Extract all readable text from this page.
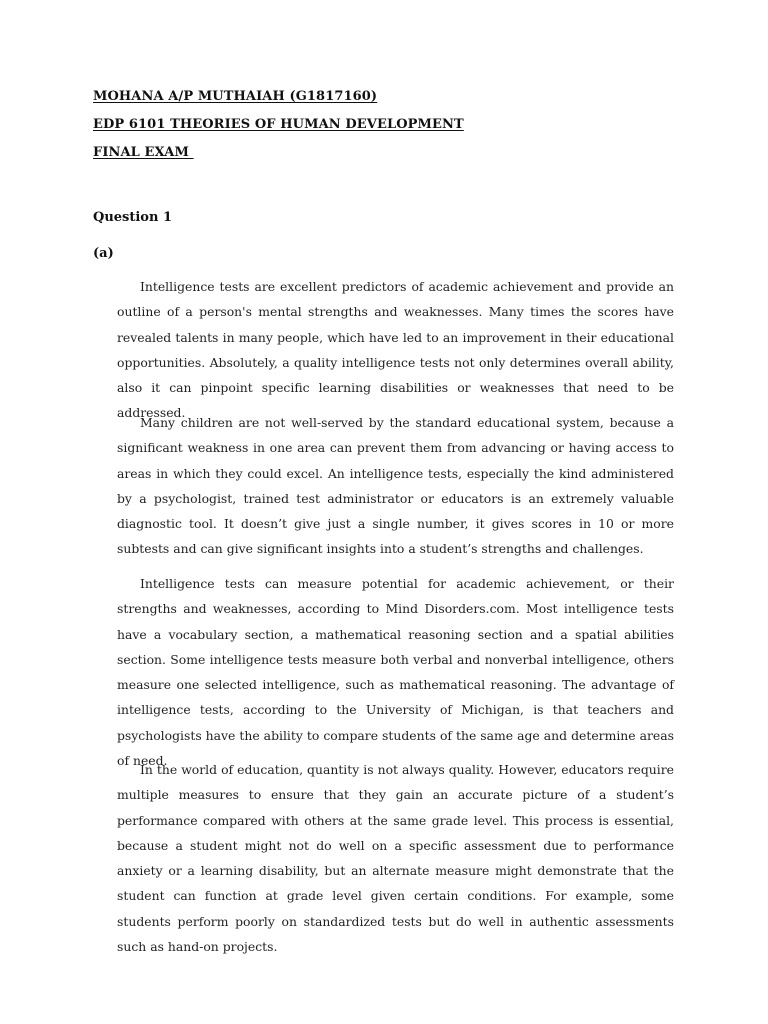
MOHANA A/P MUTHAIAH (G1817160)
EDP 6101 THEORIES OF HUMAN DEVELOPMENT
FINAL EXAM
Question 1
(a)

Intelligence tests are excellent predictors of academic achievement and provide an outline of a person's mental strengths and weaknesses. Many times the scores have revealed talents in many people, which have led to an improvement in their educational opportunities. Absolutely, a quality intelligence tests not only determines overall ability, also it can pinpoint specific learning disabilities or weaknesses that need to be addressed.

Many children are not well-served by the standard educational system, because a significant weakness in one area can prevent them from advancing or having access to areas in which they could excel. An intelligence tests, especially the kind administered by a psychologist, trained test administrator or educators is an extremely valuable diagnostic tool. It doesn’t give just a single number, it gives scores in 10 or more subtests and can give significant insights into a student’s strengths and challenges.

Intelligence tests can measure potential for academic achievement, or their strengths and weaknesses, according to Mind Disorders.com. Most intelligence tests have a vocabulary section, a mathematical reasoning section and a spatial abilities section. Some intelligence tests measure both verbal and nonverbal intelligence, others measure one selected intelligence, such as mathematical reasoning. The advantage of intelligence tests, according to the University of Michigan, is that teachers and psychologists have the ability to compare students of the same age and determine areas of need.

In the world of education, quantity is not always quality. However, educators require multiple measures to ensure that they gain an accurate picture of a student’s performance compared with others at the same grade level. This process is essential, because a student might not do well on a specific assessment due to performance anxiety or a learning disability, but an alternate measure might demonstrate that the student can function at grade level given certain conditions. For example, some students perform poorly on standardized tests but do well in authentic assessments such as hand-on projects.
